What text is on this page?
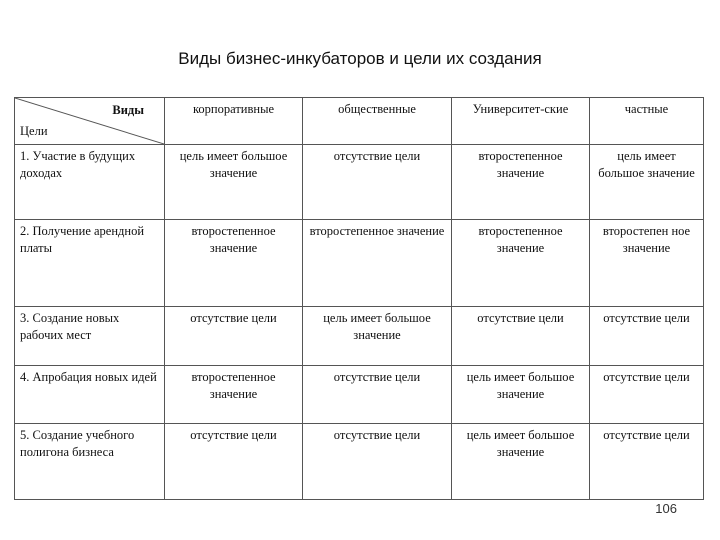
Виды бизнес-инкубаторов и цели их создания
Виды
Цели	корпоративные	общественные	Университет-ские	частные
1. Участие в будущих доходах	цель имеет большое значение	отсутствие цели	второстепенное значение	цель имеет большое значение
2. Получение арендной платы	второстепенное значение	второстепенное значение	второстепенное значение	второстепен ное значение
3. Создание новых рабочих мест	отсутствие цели	цель имеет большое значение	отсутствие цели	отсутствие цели
4. Апробация новых идей	второстепенное значение	отсутствие цели	цель имеет большое значение	отсутствие цели
5. Создание учебного полигона бизнеса	отсутствие цели	отсутствие цели	цель имеет большое значение	отсутствие цели
106
